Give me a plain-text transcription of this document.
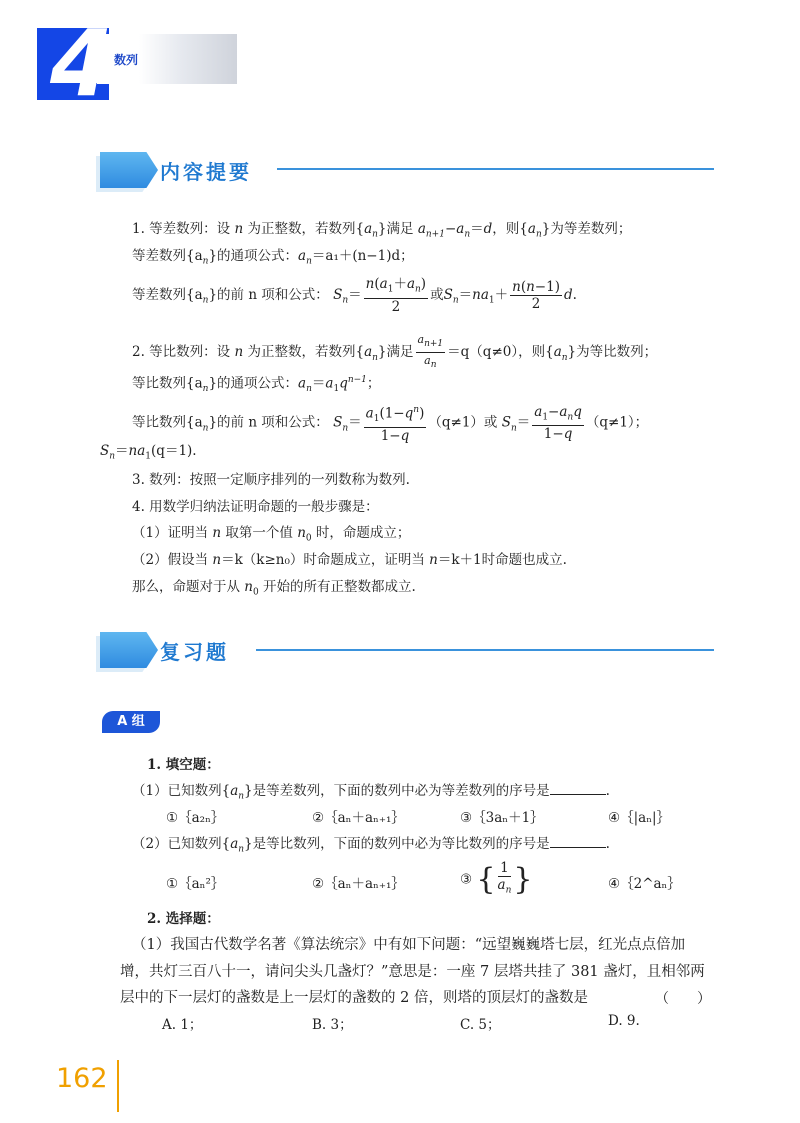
4 数列
内容提要
1. 等差数列：设 n 为正整数，若数列$\{a_n\}$满足 $a_{n+1}-a_n=d$，则$\{a_n\}$为等差数列；
等差数列$\{a_n\}$的通项公式：$a_n=a_1+(n-1)d$；
等差数列$\{a_n\}$的前 n 项和公式： $S_n= \frac{n(a_1+a_n)}{2}$ 或$S_n=na_1+ \frac{n(n-1)}{2} d$.
2. 等比数列：设 n 为正整数，若数列$\{a_n\}$满足 $\frac{a_{n+1}}{a_n} =q(q\ne 0)$，则$\{a_n\}$为等比数列；
等比数列$\{a_n\}$的通项公式：$a_n=a_1q^{n-1}$；
等比数列$\{a_n\}$的前 n 项和公式： $S_n= \frac{a_1(1-q^n)}{1-q} (q\ne 1)$或 $S_n= \frac{a_1-a_nq}{1-q} (q\ne 1)$；
$S_n=na_1(q=1)$.
3. 数列：按照一定顺序排列的一列数称为数列.
4. 用数学归纳法证明命题的一般步骤是：
（1）证明当 n 取第一个值 $n_0$ 时，命题成立；
（2）假设当 n＝k（k≥n₀）时命题成立，证明当 n＝k＋1时命题也成立.
那么，命题对于从 $n_0$ 开始的所有正整数都成立.
复习题
A 组
1. 填空题：
（1）已知数列$\{a_n\}$是等差数列，下面的数列中必为等差数列的序号是	.
①｛a₂ₙ｝	②｛aₙ＋aₙ₊₁｝	③｛3aₙ＋1｝	④｛|aₙ|｝
（2）已知数列$\{a_n\}$是等比数列，下面的数列中必为等比数列的序号是	.
①｛aₙ²｝	②｛aₙ＋aₙ₊₁｝	③ { $\frac{1}{a_n}$ }	④｛2^aₙ｝
2. 选择题：
（1）我国古代数学名著《算法统宗》中有如下问题：“远望巍巍塔七层，红光点点倍加
增，共灯三百八十一，请问尖头几盏灯？”意思是：一座 7 层塔共挂了 381 盏灯，且相邻两
层中的下一层灯的盏数是上一层灯的盏数的 2 倍，则塔的顶层灯的盏数是	（　　）
A. 1；	B. 3；	C. 5；	D. 9.
162
